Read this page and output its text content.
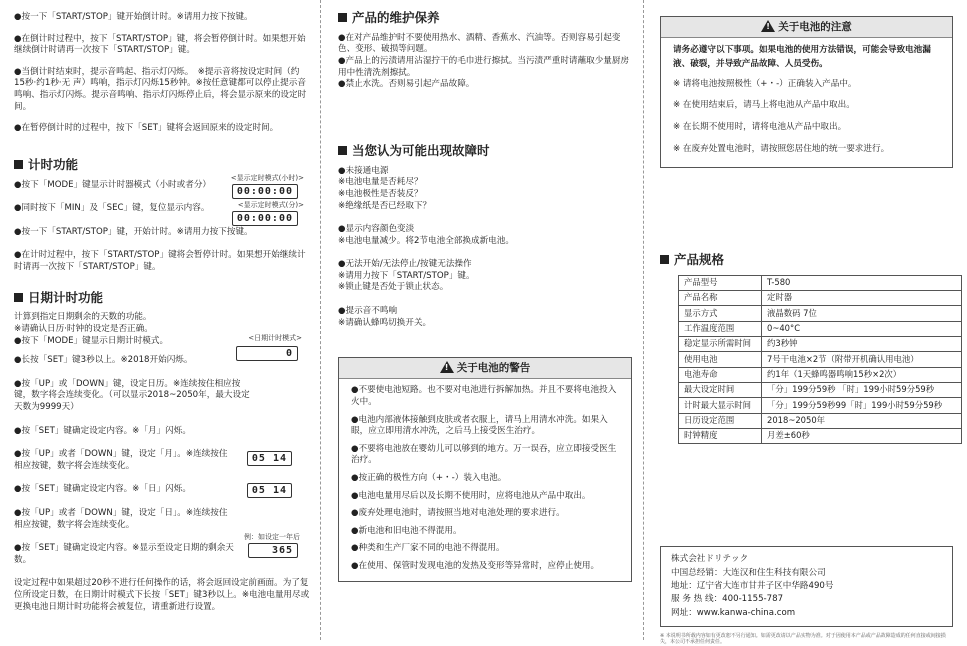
●按一下「START/STOP」键开始倒计时。※请用力按下按键。
●在倒计时过程中，按下「START/STOP」键，将会暂停倒计时。如果想开始继续倒计时请再一次按下「START/STOP」键。
●当倒计时结束时，提示音鸣起、指示灯闪烁。　※提示音将按设定时间（约15秒·约1秒·无 声）鸣响，指示灯闪烁15秒钟。※按任意键都可以停止提示音鸣响、指示灯闪烁。提示音鸣响、指示灯闪烁停止后，将会显示原来的设定时间。
●在暂停倒计时的过程中，按下「SET」键将会返回原来的设定时间。
计时功能
<显示定时模式(小时)>
00:00:00
<显示定时模式(分)>
00:00:00
●按下「MODE」键显示计时器模式（小时或者分）
●同时按下「MIN」及「SEC」键，复位显示内容。
●按一下「START/STOP」键，开始计时。※请用力按下按键。
●在计时过程中，按下「START/STOP」键将会暂停计时。如果想开始继续计时请再一次按下「START/STOP」键。
日期计时功能
计算到指定日期剩余的天数的功能。
※请确认日历·时钟的设定是否正确。
<日期计时模式>
0
●按下「MODE」键显示日期计时模式。
●长按「SET」键3秒以上。※2018开始闪烁。
●按「UP」或「DOWN」键，设定日历。※连续按住相应按键，数字将会连续变化。（可以显示2018~2050年，最大设定天数为9999天）
●按「SET」键确定设定内容。※「月」闪烁。
05 14
●按「UP」或者「DOWN」键，设定「月」。※连续按住相应按键，数字将会连续变化。
05 14
●按「SET」键确定设定内容。※「日」闪烁。
●按「UP」或者「DOWN」键，设定「日」。※连续按住相应按键，数字将会连续变化。
例：如设定一年后
365
●按「SET」键确定设定内容。※显示至设定日期的剩余天数。
设定过程中如果超过20秒不进行任何操作的话，将会返回设定前画面。为了复位所设定日数，在日期计时模式下长按「SET」键3秒以上。※电池电量用尽或更换电池日期计时功能将会被复位，请重新进行设置。
产品的维护保养
●在对产品维护时不要使用热水、酒精、香蕉水、汽油等。否则容易引起变色、变形、破损等问题。
●产品上的污渍请用沾湿拧干的毛巾进行擦拭。当污渍严重时请蘸取少量厨房用中性清洗剂擦拭。
●禁止水洗。否则易引起产品故障。
当您认为可能出现故障时
●未接通电源
※电池电量是否耗尽？
※电池极性是否装反？
※绝缘纸是否已经取下？
●显示内容颜色变淡
※电池电量减少。将2节电池全部换成新电池。
●无法开始/无法停止/按键无法操作
※请用力按下「START/STOP」键。
※锁止键是否处于锁止状态。
●提示音不鸣响
※请确认蜂鸣切换开关。
!关于电池的警告
●不要使电池短路。也不要对电池进行拆解加热。并且不要将电池投入火中。
●电池内部液体接触到皮肤或者衣服上，请马上用清水冲洗。如果入眼，应立即用清水冲洗，之后马上接受医生治疗。
●不要将电池放在婴幼儿可以够到的地方。万一误吞，应立即接受医生治疗。
●按正确的极性方向（+・-）装入电池。
●电池电量用尽后以及长期不使用时，应将电池从产品中取出。
●废弃处理电池时，请按照当地对电池处理的要求进行。
●新电池和旧电池不得混用。
●种类和生产厂家不同的电池不得混用。
●在使用、保管时发现电池的发热及变形等异常时，应停止使用。
!关于电池的注意
请务必遵守以下事项。如果电池的使用方法错误，可能会导致电池漏液、破裂，并导致产品故障、人员受伤。
※ 请将电池按照极性（+・-）正确装入产品中。
※ 在使用结束后，请马上将电池从产品中取出。
※ 在长期不使用时，请将电池从产品中取出。
※ 在废弃处置电池时，请按照您居住地的统一要求进行。
产品规格
产品型号	T-580
产品名称	定时器
显示方式	液晶数码 7位
工作温度范围	0~40°C
稳定显示所需时间	约3秒钟
使用电池	7号干电池×2节（附带开机确认用电池）
电池寿命	约1年（1天蜂鸣器鸣响15秒×2次）
最大设定时间	「分」199分59秒 「时」199小时59分59秒
计时最大显示时间	「分」199分59秒99「时」199小时59分59秒
日历设定范围	2018~2050年
时钟精度	月差±60秒
株式会社ドリテック
中国总经销：大连汉和住生科技有限公司
地址：辽宁省大连市甘井子区中华路490号
服 务 热 线：400-1155-787
网址：www.kanwa-china.com
※ 本说明书所载内容如有更改恕不另行通知。如需更改请以产品实物为准。对于因使用本产品或产品故障造成的任何直接或间接损失，本公司不承担任何责任。
